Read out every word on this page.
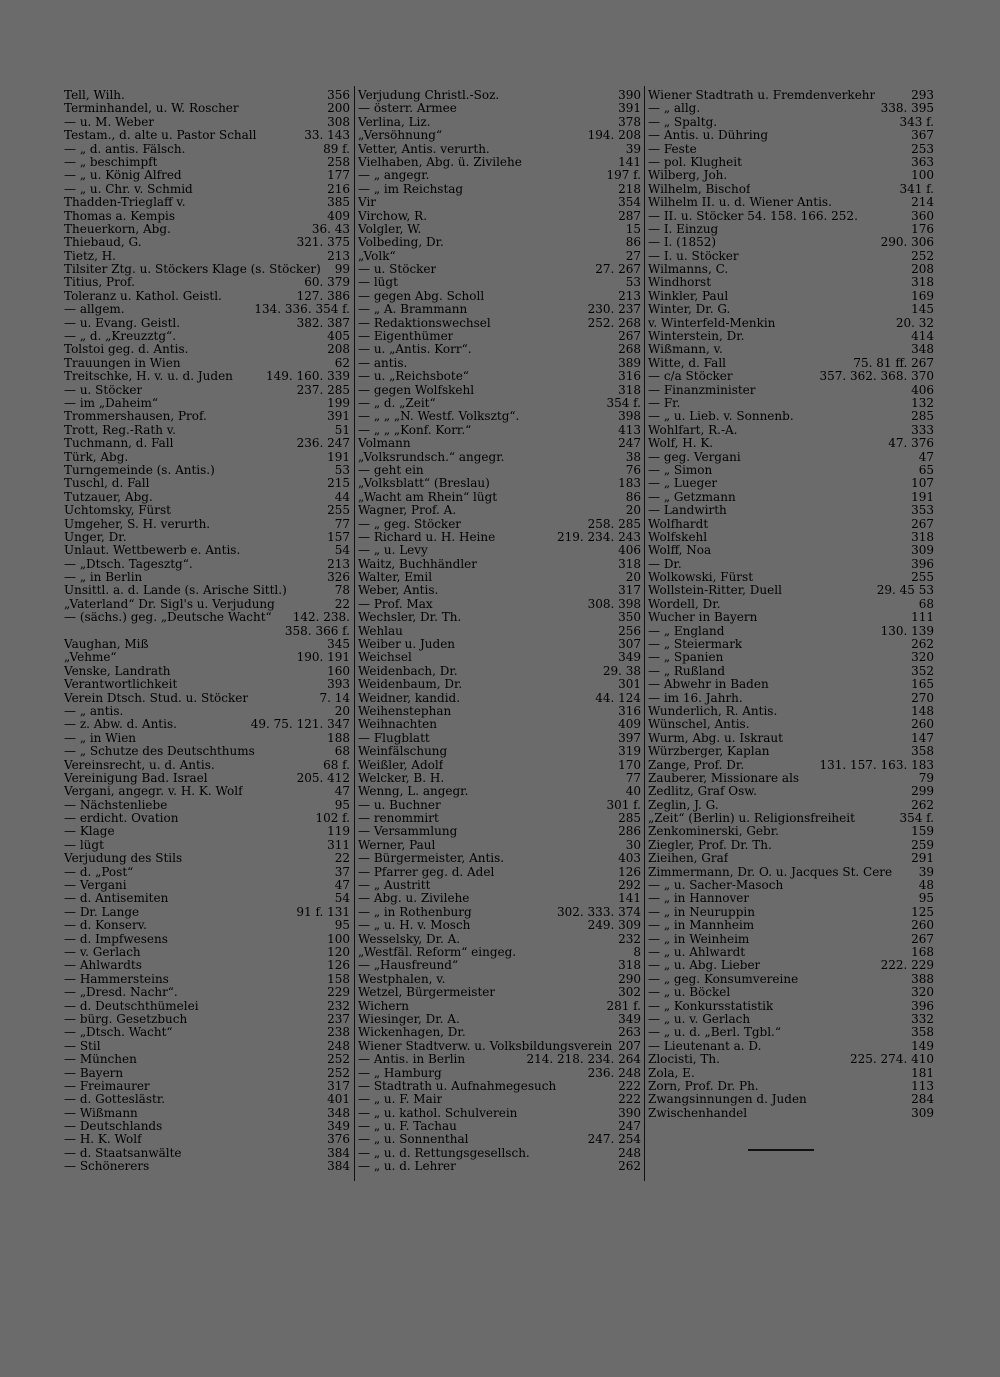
Tell, Wilh.	356
Terminhandel, u. W. Roscher	200
— u. M. Weber	308
Testam., d. alte u. Pastor Schall	33. 143
— „ d. antis. Fälsch.	89 f.
— „ beschimpft	258
— „ u. König Alfred	177
— „ u. Chr. v. Schmid	216
Thadden-Trieglaff v.	385
Thomas a. Kempis	409
Theuerkorn, Abg.	36. 43
Thiebaud, G.	321. 375
Tietz, H.	213
Tilsiter Ztg. u. Stöckers Klage (s. Stöcker)	99
Titius, Prof.	60. 379
Toleranz u. Kathol. Geistl.	127. 386
— allgem.	134. 336. 354 f.
— u. Evang. Geistl.	382. 387
— „ d. „Kreuzztg“.	405
Tolstoi geg. d. Antis.	208
Trauungen in Wien	62
Treitschke, H. v. u. d. Juden	149. 160. 339
— u. Stöcker	237. 285
— im „Daheim“	199
Trommershausen, Prof.	391
Trott, Reg.-Rath v.	51
Tuchmann, d. Fall	236. 247
Türk, Abg.	191
Turngemeinde (s. Antis.)	53
Tuschl, d. Fall	215
Tutzauer, Abg.	44
Uchtomsky, Fürst	255
Umgeher, S. H. verurth.	77
Unger, Dr.	157
Unlaut. Wettbewerb e. Antis.	54
— „Dtsch. Tagesztg“.	213
— „ in Berlin	326
Unsittl. a. d. Lande (s. Arische Sittl.)	78
„Vaterland“ Dr. Sigl's u. Verjudung	22
— (sächs.) geg. „Deutsche Wacht“	142. 238.
358. 366 f.
Vaughan, Miß	345
„Vehme“	190. 191
Venske, Landrath	160
Verantwortlichkeit	393
Verein Dtsch. Stud. u. Stöcker	7. 14
— „ antis.	20
— z. Abw. d. Antis.	49. 75. 121. 347
— „ in Wien	188
— „ Schutze des Deutschthums	68
Vereinsrecht, u. d. Antis.	68 f.
Vereinigung Bad. Israel	205. 412
Vergani, angegr. v. H. K. Wolf	47
— Nächstenliebe	95
— erdicht. Ovation	102 f.
— Klage	119
— lügt	311
Verjudung des Stils	22
— d. „Post“	37
— Vergani	47
— d. Antisemiten	54
— Dr. Lange	91 f. 131
— d. Konserv.	95
— d. Impfwesens	100
— v. Gerlach	120
— Ahlwardts	126
— Hammersteins	158
— „Dresd. Nachr“.	229
— d. Deutschthümelei	232
— bürg. Gesetzbuch	237
— „Dtsch. Wacht“	238
— Stil	248
— München	252
— Bayern	252
— Freimaurer	317
— d. Gotteslästr.	401
— Wißmann	348
— Deutschlands	349
— H. K. Wolf	376
— d. Staatsanwälte	384
— Schönerers	384
Verjudung Christl.-Soz.	390
— österr. Armee	391
Verlina, Liz.	378
„Versöhnung“	194. 208
Vetter, Antis. verurth.	39
Vielhaben, Abg. ü. Zivilehe	141
— „ angegr.	197 f.
— „ im Reichstag	218
Vir	354
Virchow, R.	287
Volgler, W.	15
Volbeding, Dr.	86
„Volk“	27
— u. Stöcker	27. 267
— lügt	53
— gegen Abg. Scholl	213
— „ A. Brammann	230. 237
— Redaktionswechsel	252. 268
— Eigenthümer	267
— u. „Antis. Korr“.	268
— antis.	389
— u. „Reichsbote“	316
— gegen Wolfskehl	318
— „ d. „Zeit“	354 f.
— „ „ „N. Westf. Volksztg“.	398
— „ „ „Konf. Korr.“	413
Volmann	247
„Volksrundsch.“ angegr.	38
— geht ein	76
„Volksblatt“ (Breslau)	183
„Wacht am Rhein“ lügt	86
Wagner, Prof. A.	20
— „ geg. Stöcker	258. 285
— Richard u. H. Heine	219. 234. 243
— „ u. Levy	406
Waitz, Buchhändler	318
Walter, Emil	20
Weber, Antis.	317
— Prof. Max	308. 398
Wechsler, Dr. Th.	350
Wehlau	256
Weiber u. Juden	307
Weichsel	349
Weidenbach, Dr.	29. 38
Weidenbaum, Dr.	301
Weidner, kandid.	44. 124
Weihenstephan	316
Weihnachten	409
— Flugblatt	397
Weinfälschung	319
Weißler, Adolf	170
Welcker, B. H.	77
Wenng, L. angegr.	40
— u. Buchner	301 f.
— renommirt	285
— Versammlung	286
Werner, Paul	30
— Bürgermeister, Antis.	403
— Pfarrer geg. d. Adel	126
— „ Austritt	292
— Abg. u. Zivilehe	141
— „ in Rothenburg	302. 333. 374
— „ u. H. v. Mosch	249. 309
Wesselsky, Dr. A.	232
„Westfäl. Reform“ eingeg.	8
— „Hausfreund“	318
Westphalen, v.	290
Wetzel, Bürgermeister	302
Wichern	281 f.
Wiesinger, Dr. A.	349
Wickenhagen, Dr.	263
Wiener Stadtverw. u. Volksbildungsverein 207
— Antis. in Berlin	214. 218. 234. 264
— „ Hamburg	236. 248
— Stadtrath u. Aufnahmegesuch	222
— „ u. F. Mair	222
— „ u. kathol. Schulverein	390
— „ u. F. Tachau	247
— „ u. Sonnenthal	247. 254
— „ u. d. Rettungsgesellsch.	248
— „ u. d. Lehrer	262
Wiener Stadtrath u. Fremdenverkehr	293
— „ allg.	338. 395
— „ Spaltg.	343 f.
— Antis. u. Dühring	367
— Feste	253
— pol. Klugheit	363
Wilberg, Joh.	100
Wilhelm, Bischof	341 f.
Wilhelm II. u. d. Wiener Antis.	214
— II. u. Stöcker 54. 158. 166. 252.	360
— I. Einzug	176
— I. (1852)	290. 306
— I. u. Stöcker	252
Wilmanns, C.	208
Windhorst	318
Winkler, Paul	169
Winter, Dr. G.	145
v. Winterfeld-Menkin	20. 32
Winterstein, Dr.	414
Wißmann, v.	348
Witte, d. Fall	75. 81 ff. 267
— c/a Stöcker	357. 362. 368. 370
— Finanzminister	406
— Fr.	132
— „ u. Lieb. v. Sonnenb.	285
Wohlfart, R.-A.	333
Wolf, H. K.	47. 376
— geg. Vergani	47
— „ Simon	65
— „ Lueger	107
— „ Getzmann	191
— Landwirth	353
Wolfhardt	267
Wolfskehl	318
Wolff, Noa	309
— Dr.	396
Wolkowski, Fürst	255
Wollstein-Ritter, Duell	29. 45 53
Wordell, Dr.	68
Wucher in Bayern	111
— „ England	130. 139
— „ Steiermark	262
— „ Spanien	320
— „ Rußland	352
— Abwehr in Baden	165
— im 16. Jahrh.	270
Wunderlich, R. Antis.	148
Wünschel, Antis.	260
Wurm, Abg. u. Iskraut	147
Würzberger, Kaplan	358
Zange, Prof. Dr.	131. 157. 163. 183
Zauberer, Missionare als	79
Zedlitz, Graf Osw.	299
Zeglin, J. G.	262
„Zeit“ (Berlin) u. Religionsfreiheit	354 f.
Zenkominerski, Gebr.	159
Ziegler, Prof. Dr. Th.	259
Zieihen, Graf	291
Zimmermann, Dr. O. u. Jacques St. Cere	39
— „ u. Sacher-Masoch	48
— „ in Hannover	95
— „ in Neuruppin	125
— „ in Mannheim	260
— „ in Weinheim	267
— „ u. Ahlwardt	168
— „ u. Abg. Lieber	222. 229
— „ geg. Konsumvereine	388
— „ u. Böckel	320
— „ Konkursstatistik	396
— „ u. v. Gerlach	332
— „ u. d. „Berl. Tgbl.“	358
— Lieutenant a. D.	149
Zlocisti, Th.	225. 274. 410
Zola, E.	181
Zorn, Prof. Dr. Ph.	113
Zwangsinnungen d. Juden	284
Zwischenhandel	309
